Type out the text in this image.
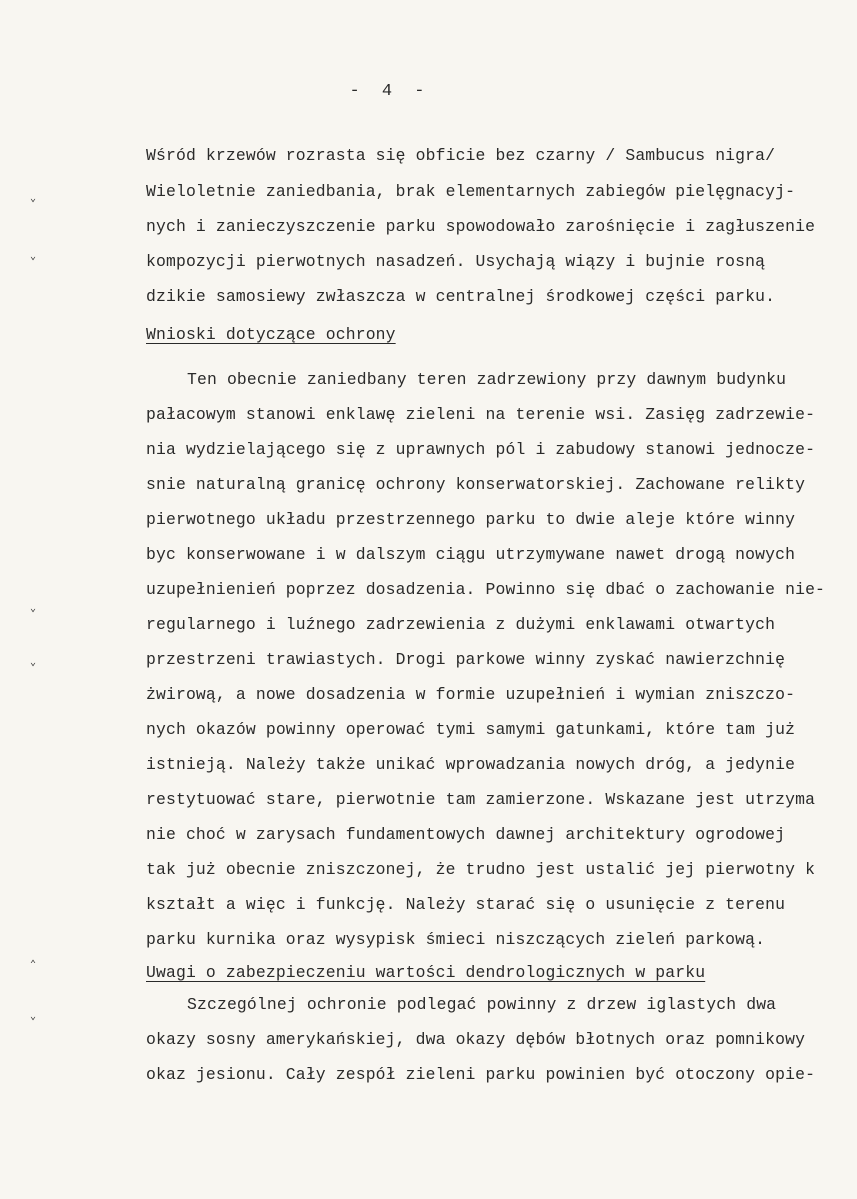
- 4 -
⌄
⌄
⌄
⌄
⌃
⌄
Wśród krzewów rozrasta się obficie bez czarny / Sambucus nigra/
Wieloletnie zaniedbania, brak elementarnych zabiegów pielęgnacyj-
nych i zanieczyszczenie parku spowodowało zarośnięcie i zagłuszenie
kompozycji pierwotnych nasadzeń. Usychają wiązy i bujnie rosną
dzikie samosiewy zwłaszcza w centralnej środkowej części parku.
Wnioski dotyczące ochrony
Ten obecnie zaniedbany teren zadrzewiony przy dawnym budynku
pałacowym stanowi enklawę zieleni na terenie wsi. Zasięg zadrzewie-
nia wydzielającego się z uprawnych pól i zabudowy stanowi jednocze-
snie naturalną granicę ochrony konserwatorskiej. Zachowane relikty
pierwotnego układu przestrzennego parku to dwie aleje które winny
byc konserwowane i w dalszym ciągu utrzymywane nawet drogą nowych
uzupełnienień poprzez dosadzenia. Powinno się dbać o zachowanie nie-
regularnego i luźnego zadrzewienia z dużymi enklawami otwartych
przestrzeni trawiastych. Drogi parkowe winny zyskać nawierzchnię
żwirową, a nowe dosadzenia w formie uzupełnień i wymian zniszczo-
nych okazów powinny operować tymi samymi gatunkami, które tam już
istnieją. Należy także unikać wprowadzania nowych dróg, a jedynie
restytuować stare, pierwotnie tam zamierzone. Wskazane jest utrzyma
nie choć w zarysach fundamentowych dawnej architektury ogrodowej
tak już obecnie zniszczonej, że trudno jest ustalić jej pierwotny k
kształt a więc i funkcję. Należy starać się o usunięcie z terenu
parku kurnika oraz wysypisk śmieci niszczących zieleń parkową.
Uwagi o zabezpieczeniu wartości dendrologicznych w parku
Szczególnej ochronie podlegać powinny z drzew iglastych dwa
okazy sosny amerykańskiej, dwa okazy dębów błotnych oraz pomnikowy
okaz jesionu. Cały zespół zieleni parku powinien być otoczony opie-
